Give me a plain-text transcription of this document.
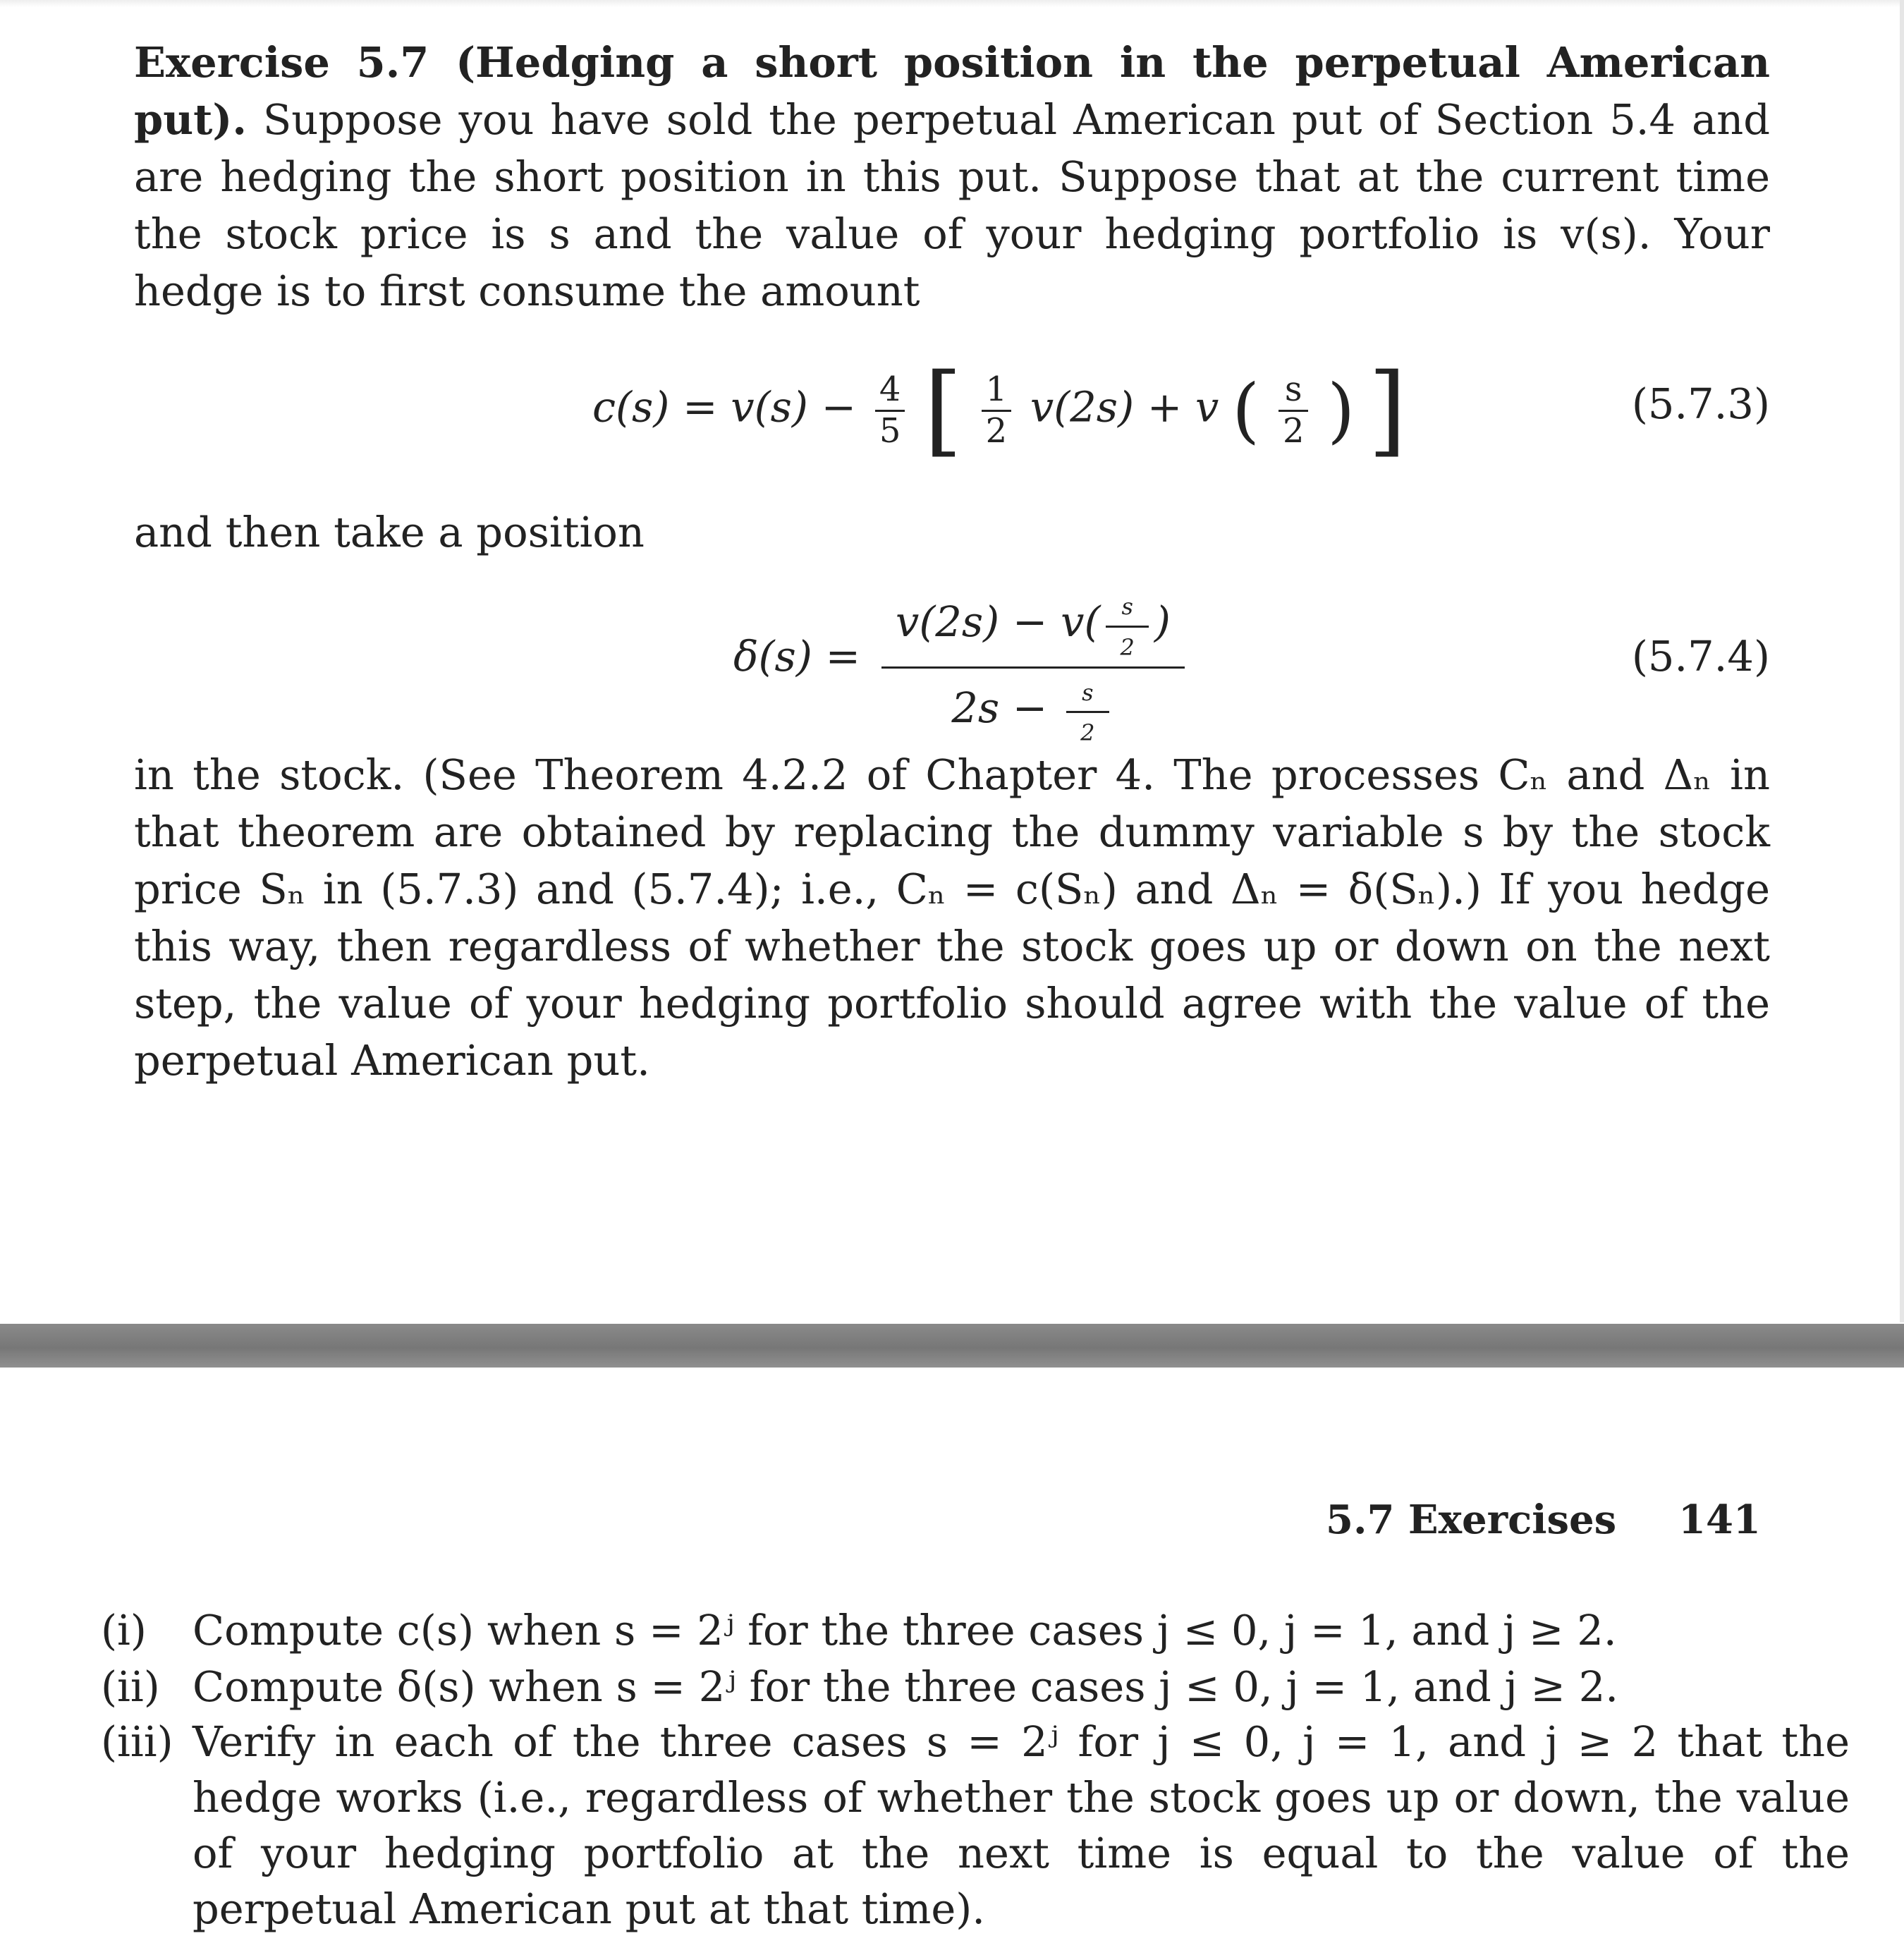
Exercise 5.7 (Hedging a short position in the perpetual American put). Suppose you have sold the perpetual American put of Section 5.4 and are hedging the short position in this put. Suppose that at the current time the stock price is s and the value of your hedging portfolio is v(s). Your hedge is to first consume the amount
$c(s) = v(s) - \frac{4}{5}$ [ $\frac{1}{2} v(2s) + v$ ( $\frac{s}{2}$ ) ]	(5.7.3)
and then take a position
$\delta(s) = \frac{v(2s) - v( \frac{s}{2} )}{2s - \frac{s}{2}}$	(5.7.4)
in the stock. (See Theorem 4.2.2 of Chapter 4. The processes Cₙ and Δₙ in that theorem are obtained by replacing the dummy variable s by the stock price Sₙ in (5.7.3) and (5.7.4); i.e., Cₙ = c(Sₙ) and Δₙ = δ(Sₙ).) If you hedge this way, then regardless of whether the stock goes up or down on the next step, the value of your hedging portfolio should agree with the value of the perpetual American put.
5.7 Exercises 141
(i) Compute c(s) when s = 2ʲ for the three cases j ≤ 0, j = 1, and j ≥ 2.
(ii) Compute δ(s) when s = 2ʲ for the three cases j ≤ 0, j = 1, and j ≥ 2.
(iii) Verify in each of the three cases s = 2ʲ for j ≤ 0, j = 1, and j ≥ 2 that the hedge works (i.e., regardless of whether the stock goes up or down, the value of your hedging portfolio at the next time is equal to the value of the perpetual American put at that time).
